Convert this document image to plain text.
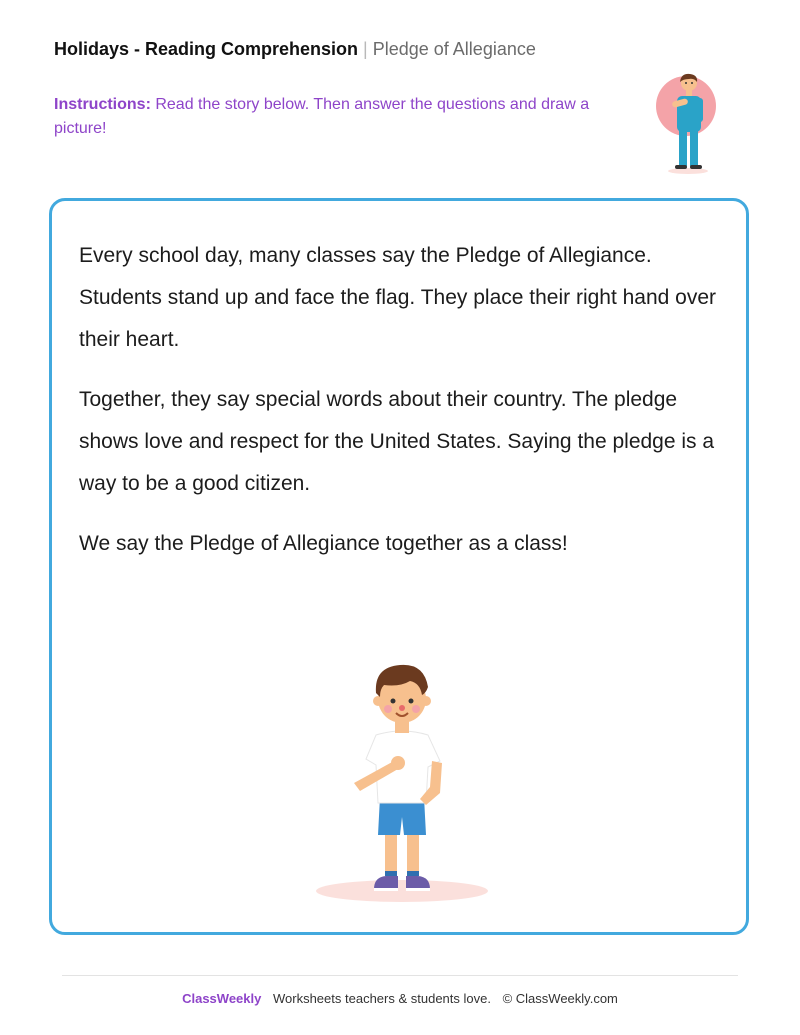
Holidays - Reading Comprehension | Pledge of Allegiance
Instructions: Read the story below. Then answer the questions and draw a picture!

Every school day, many classes say the Pledge of Allegiance. Students stand up and face the flag. They place their right hand over their heart.

Together, they say special words about their country. The pledge shows love and respect for the United States. Saying the pledge is a way to be a good citizen.

We say the Pledge of Allegiance together as a class!

ClassWeekly Worksheets teachers & students love. © ClassWeekly.com
